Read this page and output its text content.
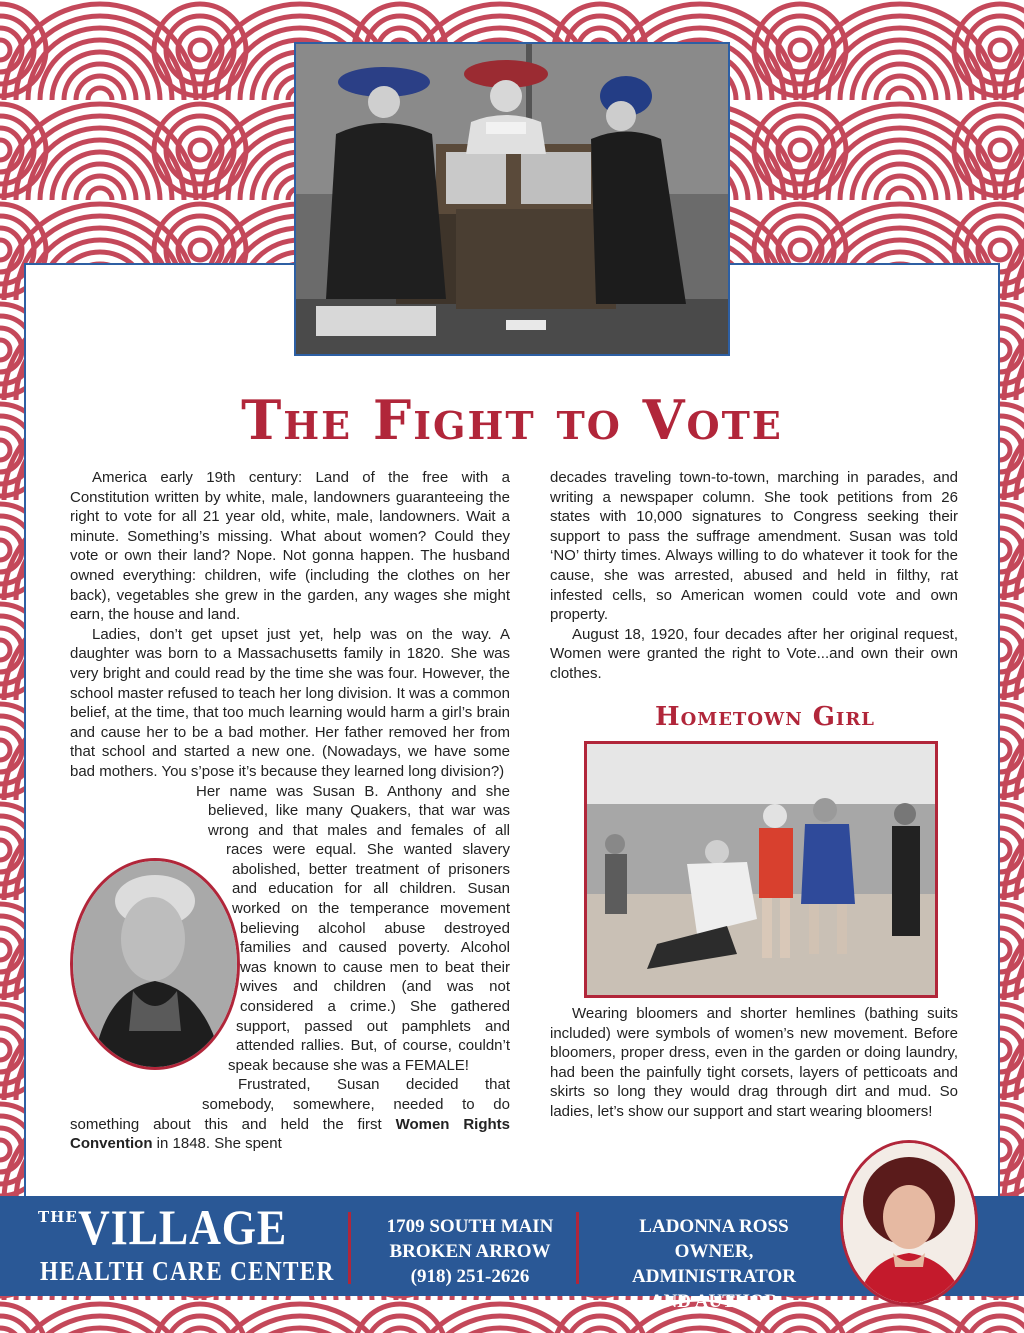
The Fight to Vote

America early 19th century: Land of the free with a Constitution written by white, male, landowners guaranteeing the right to vote for all 21 year old, white, male, landowners. Wait a minute. Something’s missing. What about women? Could they vote or own their land? Nope. Not gonna happen. The husband owned everything: children, wife (including the clothes on her back), vegetables she grew in the garden, any wages she might earn, the house and land.

Ladies, don’t get upset just yet, help was on the way. A daughter was born to a Massachusetts family in 1820. She was very bright and could read by the time she was four. However, the school master refused to teach her long division. It was a common belief, at the time, that too much learning would harm a girl’s brain and cause her to be a bad mother. Her father removed her from that school and started a new one. (Nowadays, we have some bad mothers. You s’pose it’s because they learned long division?)

Her name was Susan B. Anthony and she believed, like many Quakers, that war was wrong and that males and females of all races were equal. She wanted slavery abolished, better treatment of prisoners and education for all children. Susan worked on the temperance movement believing alcohol abuse destroyed families and caused poverty. Alcohol was known to cause men to beat their wives and children (and was not considered a crime.) She gathered support, passed out pamphlets and attended rallies. But, of course, couldn’t speak because she was a FEMALE!

Frustrated, Susan decided that somebody, somewhere, needed to do something about this and held the first Women Rights Convention in 1848. She spent

decades traveling town-to-town, marching in parades, and writing a newspaper column. She took petitions from 26 states with 10,000 signatures to Congress seeking their support to pass the suffrage amendment. Susan was told ‘NO’ thirty times. Always willing to do whatever it took for the cause, she was arrested, abused and held in filthy, rat infested cells, so American women could vote and own property.

August 18, 1920, four decades after her original request, Women were granted the right to Vote...and own their own clothes.

Hometown Girl

Wearing bloomers and shorter hemlines (bathing suits included) were symbols of women’s new movement. Before bloomers, proper dress, even in the garden or doing laundry, had been the painfully tight corsets, layers of petticoats and skirts so long they would drag through dirt and mud. So ladies, let’s show our support and start wearing bloomers!

THE VILLAGE
HEALTH CARE CENTER
1709 SOUTH MAIN
BROKEN ARROW
(918) 251-2626
LADONNA ROSS
OWNER, ADMINISTRATOR
AND AUTHOR
